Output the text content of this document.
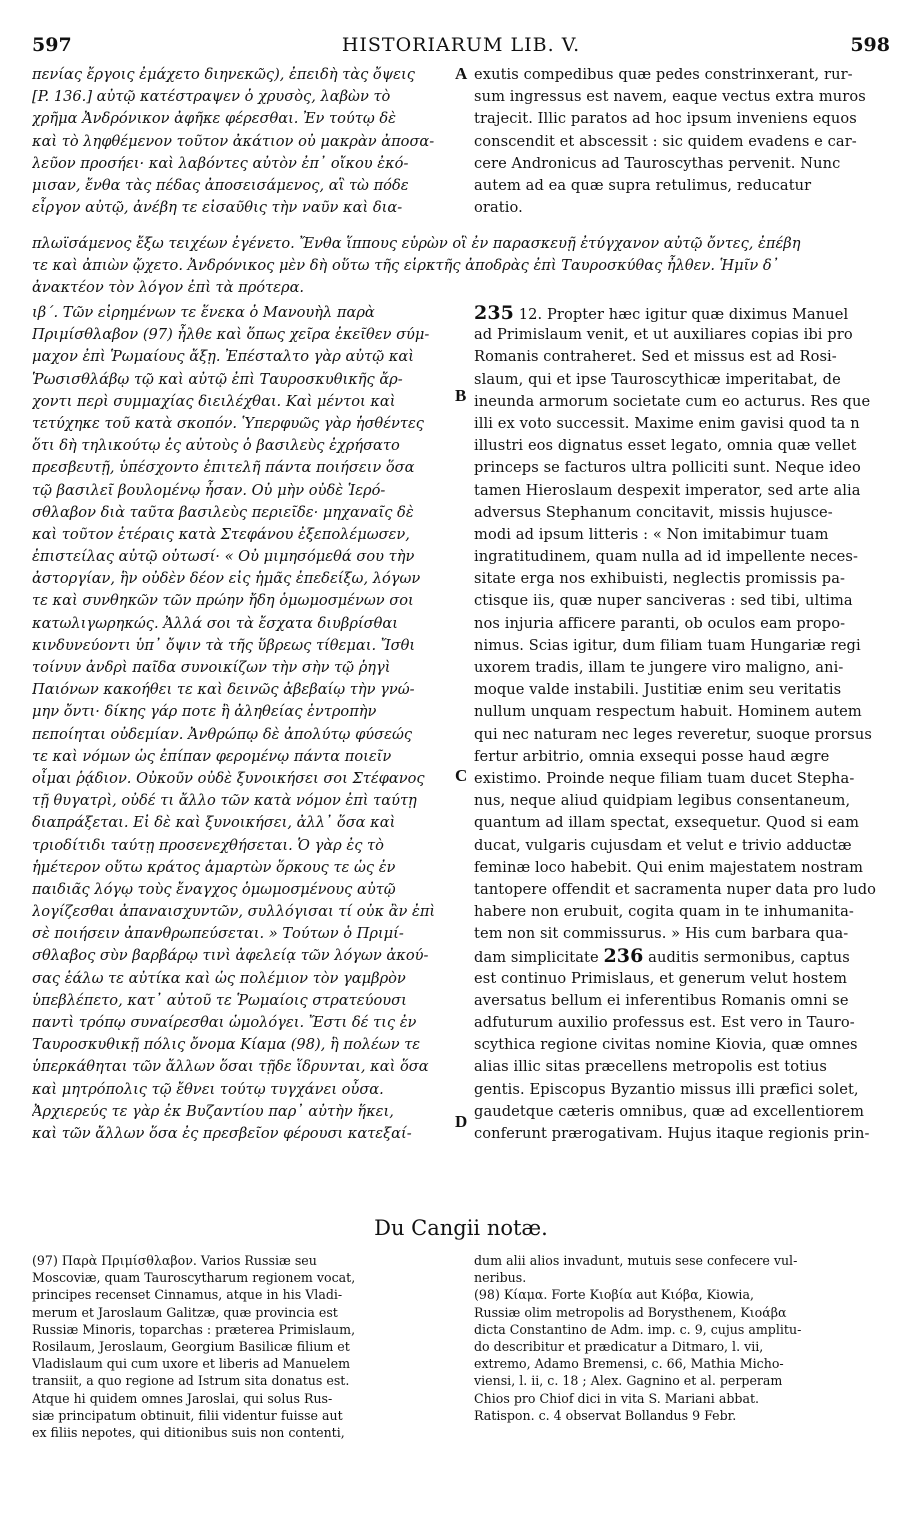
597	HISTORIARUM LIB. V.	598
πενίας ἔργοις ἐμάχετο διηνεκῶς), ἐπειδὴ τὰς ὄψεις
[P. 136.] αὐτῷ κατέστραψεν ὁ χρυσὸς, λαβὼν τὸ
χρῆμα Ἀνδρόνικον ἀφῆκε φέρεσθαι. Ἐν τούτῳ δὲ
καὶ τὸ ληφθέμενον τοῦτον ἀκάτιον οὐ μακρὰν ἀποσα-
λεῦον προσήει· καὶ λαβόντες αὐτὸν ἐπ᾽ οἴκου ἐκό-
μισαν, ἔνθα τὰς πέδας ἀποσεισάμενος, αἳ τὼ πόδε
εἶργον αὐτῷ, ἀνέβη τε εἰσαῦθις τὴν ναῦν καὶ δια-
exutis compedibus quæ pedes constrinxerant, rur-
sum ingressus est navem, eaque vectus extra muros
trajecit. Illic paratos ad hoc ipsum inveniens equos
conscendit et abscessit : sic quidem evadens e car-
cere Andronicus ad Tauroscythas pervenit. Nunc
autem ad ea quæ supra retulimus, reducatur
oratio.
A
πλωϊσάμενος ἔξω τειχέων ἐγένετο. Ἔνθα ἵππους εὑρὼν οἳ ἐν παρασκευῇ ἐτύγχανον αὐτῷ ὄντες, ἐπέβη
τε καὶ ἀπιὼν ᾤχετο. Ἀνδρόνικος μὲν δὴ οὕτω τῆς εἱρκτῆς ἀποδρὰς ἐπὶ Ταυροσκύθας ἦλθεν. Ἡμῖν δ᾽
ἀνακτέον τὸν λόγον ἐπὶ τὰ πρότερα.
ιβ΄. Τῶν εἰρημένων τε ἕνεκα ὁ Μανουὴλ παρὰ
Πριμίσθλαβον (97) ἦλθε καὶ ὅπως χεῖρα ἐκεῖθεν σύμ-
μαχον ἐπὶ Ῥωμαίους ἄξῃ. Ἐπέσταλτο γὰρ αὐτῷ καὶ
Ῥωσισθλάβῳ τῷ καὶ αὐτῷ ἐπὶ Ταυροσκυθικῆς ἄρ-
χοντι περὶ συμμαχίας διειλέχθαι. Καὶ μέντοι καὶ
τετύχηκε τοῦ κατὰ σκοπόν. Ὑπερφυῶς γὰρ ἡσθέντες
ὅτι δὴ τηλικούτῳ ἐς αὐτοὺς ὁ βασιλεὺς ἐχρήσατο
πρεσβευτῇ, ὑπέσχοντο ἐπιτελῆ πάντα ποιήσειν ὅσα
τῷ βασιλεῖ βουλομένῳ ἦσαν. Οὐ μὴν οὐδὲ Ἱερό-
σθλαβον διὰ ταῦτα βασιλεὺς περιεῖδε· μηχαναῖς δὲ
καὶ τοῦτον ἑτέραις κατὰ Στεφάνου ἐξεπολέμωσεν,
ἐπιστείλας αὐτῷ οὑτωσί· « Οὐ μιμησόμεθά σου τὴν
ἀστοργίαν, ἣν οὐδὲν δέον εἰς ἡμᾶς ἐπεδείξω, λόγων
τε καὶ συνθηκῶν τῶν πρώην ἤδη ὁμωμοσμένων σοι
κατωλιγωρηκώς. Ἀλλά σοι τὰ ἔσχατα διυβρίσθαι
κινδυνεύοντι ὑπ᾽ ὄψιν τὰ τῆς ὕβρεως τίθεμαι. Ἴσθι
τοίνυν ἀνδρὶ παῖδα συνοικίζων τὴν σὴν τῷ ῥηγὶ
Παιόνων κακοήθει τε καὶ δεινῶς ἀβεβαίῳ τὴν γνώ-
μην ὄντι· δίκης γάρ ποτε ἢ ἀληθείας ἐντροπὴν
πεποίηται οὐδεμίαν. Ἀνθρώπῳ δὲ ἀπολύτῳ φύσεώς
τε καὶ νόμων ὡς ἐπίπαν φερομένῳ πάντα ποιεῖν
οἶμαι ῥᾴδιον. Οὐκοῦν οὐδὲ ξυνοικήσει σοι Στέφανος
τῇ θυγατρὶ, οὐδέ τι ἄλλο τῶν κατὰ νόμον ἐπὶ ταύτῃ
διαπράξεται. Εἰ δὲ καὶ ξυνοικήσει, ἀλλ᾽ ὅσα καὶ
τριοδίτιδι ταύτῃ προσενεχθήσεται. Ὁ γὰρ ἐς τὸ
ἡμέτερον οὕτω κράτος ἁμαρτὼν ὅρκους τε ὡς ἐν
παιδιᾶς λόγῳ τοὺς ἔναγχος ὁμωμοσμένους αὐτῷ
λογίζεσθαι ἀπαναισχυντῶν, συλλόγισαι τί οὐκ ἂν ἐπὶ
σὲ ποιήσειν ἀπανθρωπεύσεται. » Τούτων ὁ Πριμί-
σθλαβος σὺν βαρβάρῳ τινὶ ἀφελείᾳ τῶν λόγων ἀκού-
σας ἑάλω τε αὐτίκα καὶ ὡς πολέμιον τὸν γαμβρὸν
ὑπεβλέπετο, κατ᾽ αὐτοῦ τε Ῥωμαίοις στρατεύουσι
παντὶ τρόπῳ συναίρεσθαι ὡμολόγει. Ἔστι δέ τις ἐν
Ταυροσκυθικῇ πόλις ὄνομα Κίαμα (98), ἣ πολέων τε
ὑπερκάθηται τῶν ἄλλων ὅσαι τῇδε ἵδρυνται, καὶ ὅσα
καὶ μητρόπολις τῷ ἔθνει τούτῳ τυγχάνει οὖσα.
Ἀρχιερεύς τε γὰρ ἐκ Βυζαντίου παρ᾽ αὐτὴν ἥκει,
καὶ τῶν ἄλλων ὅσα ἐς πρεσβεῖον φέρουσι κατεξαί-
235 12. Propter hæc igitur quæ diximus Manuel
ad Primislaum venit, et ut auxiliares copias ibi pro
Romanis contraheret. Sed et missus est ad Rosi-
slaum, qui et ipse Tauroscythicæ imperitabat, de
ineunda armorum societate cum eo acturus. Res que
illi ex voto successit. Maxime enim gavisi quod ta n
illustri eos dignatus esset legato, omnia quæ vellet
princeps se facturos ultra polliciti sunt. Neque ideo
tamen Hieroslaum despexit imperator, sed arte alia
adversus Stephanum concitavit, missis hujusce-
modi ad ipsum litteris : « Non imitabimur tuam
ingratitudinem, quam nulla ad id impellente neces-
sitate erga nos exhibuisti, neglectis promissis pa-
ctisque iis, quæ nuper sanciveras : sed tibi, ultima
nos injuria afficere paranti, ob oculos eam propo-
nimus. Scias igitur, dum filiam tuam Hungariæ regi
uxorem tradis, illam te jungere viro maligno, ani-
moque valde instabili. Justitiæ enim seu veritatis
nullum unquam respectum habuit. Hominem autem
qui nec naturam nec leges reveretur, suoque prorsus
fertur arbitrio, omnia exsequi posse haud ægre
existimo. Proinde neque filiam tuam ducet Stepha-
nus, neque aliud quidpiam legibus consentaneum,
quantum ad illam spectat, exsequetur. Quod si eam
ducat, vulgaris cujusdam et velut e trivio adductæ
feminæ loco habebit. Qui enim majestatem nostram
tantopere offendit et sacramenta nuper data pro ludo
habere non erubuit, cogita quam in te inhumanita-
tem non sit commissurus. » His cum barbara qua-
dam simplicitate 236 auditis sermonibus, captus
est continuo Primislaus, et generum velut hostem
aversatus bellum ei inferentibus Romanis omni se
adfuturum auxilio professus est. Est vero in Tauro-
scythica regione civitas nomine Kiovia, quæ omnes
alias illic sitas præcellens metropolis est totius
gentis. Episcopus Byzantio missus illi præfici solet,
gaudetque cæteris omnibus, quæ ad excellentiorem
conferunt prærogativam. Hujus itaque regionis prin-
B
C
D
Du Cangii notæ.
(97) Παρὰ Πριμίσθλαβον. Varios Russiæ seu
Moscoviæ, quam Tauroscytharum regionem vocat,
principes recenset Cinnamus, atque in his Vladi-
merum et Jaroslaum Galitzæ, quæ provincia est
Russiæ Minoris, toparchas : præterea Primislaum,
Rosilaum, Jeroslaum, Georgium Basilicæ filium et
Vladislaum qui cum uxore et liberis ad Manuelem
transiit, a quo regione ad Istrum sita donatus est.
Atque hi quidem omnes Jaroslai, qui solus Rus-
siæ principatum obtinuit, filii videntur fuisse aut
ex filiis nepotes, qui ditionibus suis non contenti,
dum alii alios invadunt, mutuis sese confecere vul-
neribus.
(98) Κίαμα. Forte Κιοβία aut Κιόβα, Kiowia,
Russiæ olim metropolis ad Borysthenem, Κιοάβα
dicta Constantino de Adm. imp. c. 9, cujus amplitu-
do describitur et prædicatur a Ditmaro, l. vii,
extremo, Adamo Bremensi, c. 66, Mathia Micho-
viensi, l. ii, c. 18 ; Alex. Gagnino et al. perperam
Chios pro Chiof dici in vita S. Mariani abbat.
Ratispon. c. 4 observat Bollandus 9 Febr.
